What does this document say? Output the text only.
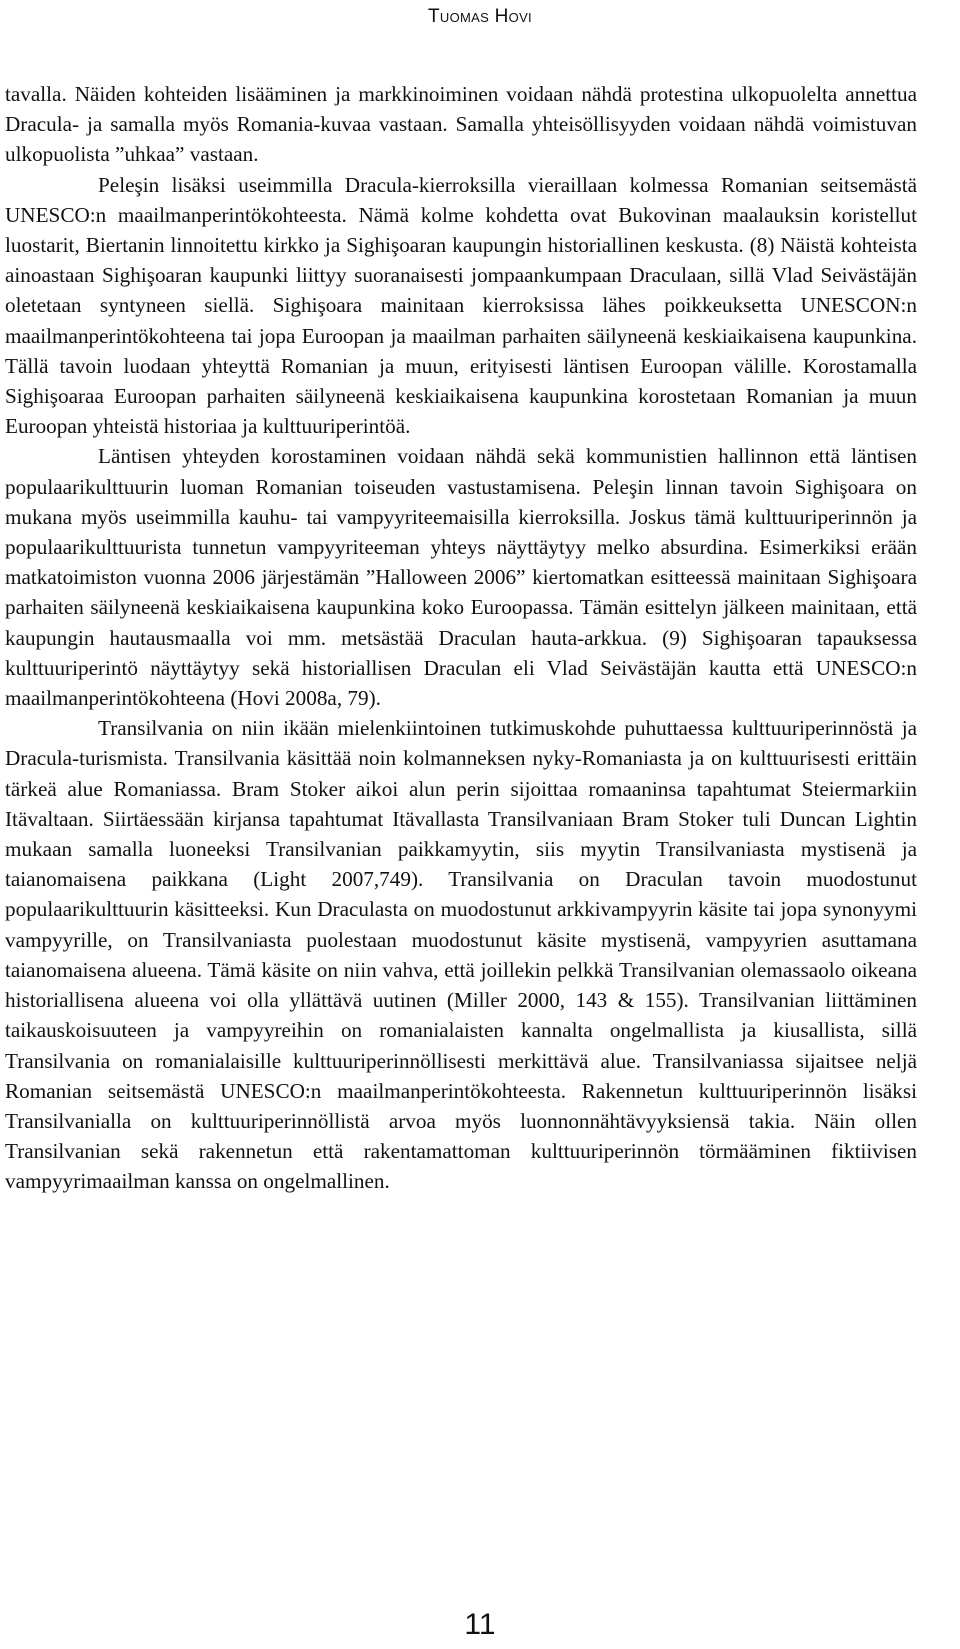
Tuomas Hovi

tavalla. Näiden kohteiden lisääminen ja markkinoiminen voidaan nähdä protestina ulkopuolelta annettua Dracula- ja samalla myös Romania-kuvaa vastaan. Samalla yhteisöllisyyden voidaan nähdä voimistuvan ulkopuolista ”uhkaa” vastaan.

Peleşin lisäksi useimmilla Dracula-kierroksilla vieraillaan kolmessa Romanian seitsemästä UNESCO:n maailmanperintökohteesta. Nämä kolme kohdetta ovat Bukovinan maalauksin koristellut luostarit, Biertanin linnoitettu kirkko ja Sighişoaran kaupungin historiallinen keskusta. (8) Näistä kohteista ainoastaan Sighişoaran kaupunki liittyy suoranaisesti jompaankumpaan Draculaan, sillä Vlad Seivästäjän oletetaan syntyneen siellä. Sighişoara mainitaan kierroksissa lähes poikkeuksetta UNESCON:n maailmanperintökohteena tai jopa Euroopan ja maailman parhaiten säilyneenä keskiaikaisena kaupunkina. Tällä tavoin luodaan yhteyttä Romanian ja muun, erityisesti läntisen Euroopan välille. Korostamalla Sighişoaraa Euroopan parhaiten säilyneenä keskiaikaisena kaupunkina korostetaan Romanian ja muun Euroopan yhteistä historiaa ja kulttuuriperintöä.

Läntisen yhteyden korostaminen voidaan nähdä sekä kommunistien hallinnon että läntisen populaarikulttuurin luoman Romanian toiseuden vastustamisena. Peleşin linnan tavoin Sighişoara on mukana myös useimmilla kauhu- tai vampyyriteemaisilla kierroksilla. Joskus tämä kulttuuriperinnön ja populaarikulttuurista tunnetun vampyyriteeman yhteys näyttäytyy melko absurdina. Esimerkiksi erään matkatoimiston vuonna 2006 järjestämän ”Halloween 2006” kiertomatkan esitteessä mainitaan Sighişoara parhaiten säilyneenä keskiaikaisena kaupunkina koko Euroopassa. Tämän esittelyn jälkeen mainitaan, että kaupungin hautausmaalla voi mm. metsästää Draculan hauta-arkkua. (9) Sighişoaran tapauksessa kulttuuriperintö näyttäytyy sekä historiallisen Draculan eli Vlad Seivästäjän kautta että UNESCO:n maailmanperintökohteena (Hovi 2008a, 79).

Transilvania on niin ikään mielenkiintoinen tutkimuskohde puhuttaessa kulttuuriperinnöstä ja Dracula-turismista. Transilvania käsittää noin kolmanneksen nyky-Romaniasta ja on kulttuurisesti erittäin tärkeä alue Romaniassa. Bram Stoker aikoi alun perin sijoittaa romaaninsa tapahtumat Steiermarkiin Itävaltaan. Siirtäessään kirjansa tapahtumat Itävallasta Transilvaniaan Bram Stoker tuli Duncan Lightin mukaan samalla luoneeksi Transilvanian paikkamyytin, siis myytin Transilvaniasta mystisenä ja taianomaisena paikkana (Light 2007,749). Transilvania on Draculan tavoin muodostunut populaarikulttuurin käsitteeksi. Kun Draculasta on muodostunut arkkivampyyrin käsite tai jopa synonyymi vampyyrille, on Transilvaniasta puolestaan muodostunut käsite mystisenä, vampyyrien asuttamana taianomaisena alueena. Tämä käsite on niin vahva, että joillekin pelkkä Transilvanian olemassaolo oikeana historiallisena alueena voi olla yllättävä uutinen (Miller 2000, 143 & 155). Transilvanian liittäminen taikauskoisuuteen ja vampyyreihin on romanialaisten kannalta ongelmallista ja kiusallista, sillä Transilvania on romanialaisille kulttuuriperinnöllisesti merkittävä alue. Transilvaniassa sijaitsee neljä Romanian seitsemästä UNESCO:n maailmanperintökohteesta. Rakennetun kulttuuriperinnön lisäksi Transilvanialla on kulttuuriperinnöllistä arvoa myös luonnonnähtävyyksiensä takia. Näin ollen Transilvanian sekä rakennetun että rakentamattoman kulttuuriperinnön törmääminen fiktiivisen vampyyrimaailman kanssa on ongelmallinen.

11
